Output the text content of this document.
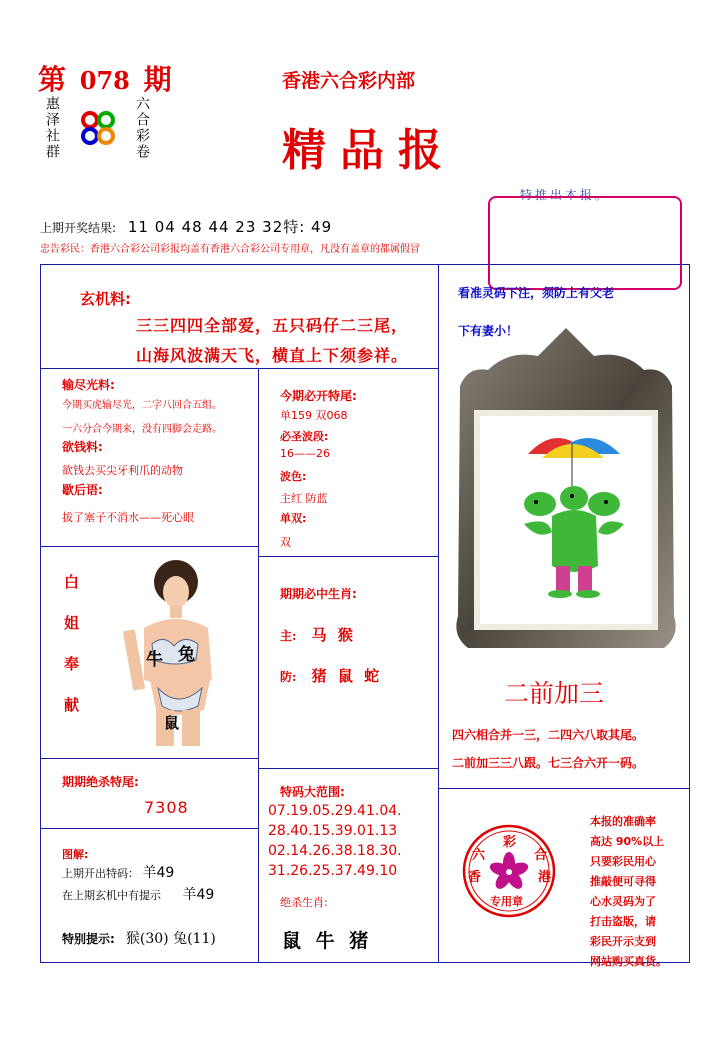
第 078 期
惠泽社群	六合彩卷
香港六合彩内部
精品报
特推出本报。
上期开奖结果: 11 04 48 44 23 32特: 49
忠告彩民：香港六合彩公司彩报均盖有香港六合彩公司专用章，凡没有盖章的都属假冒
玄机料:
三三四四全部爱，五只码仔二三尾，
山海风波满天飞，横直上下须参祥。
看准灵码下注，须防上有父老
下有妻小！
输尽光料:
今期买虎输尽光，二字八回合五组。
一六分合今期来，没有四脚会走路。
欲钱料:
欲钱去买尖牙利爪的动物
歇后语:
拔了塞子不消水——死心眼
今期必开特尾:
单159 双068
必圣波段:
16——26
波色:
主红 防蓝
单双:
双
白
姐
奉
献
牛 兔
鼠
期期必中生肖:
主: 马 猴
防: 猪 鼠 蛇
二前加三
四六相合并一三，二四六八取其尾。
二前加三三八跟。七三合六开一码。
期期绝杀特尾:
7308
特码大范围:
07.19.05.29.41.04.
28.40.15.39.01.13
02.14.26.38.18.30.
31.26.25.37.49.10
绝杀生肖:
鼠 牛 猪
图解:
上期开出特码： 羊49
在上期玄机中有提示 羊49
特别提示: 猴(30) 兔(11)
彩
六	合
香	港
专用章
本报的准确率
高达 90%以上
只要彩民用心
推敲便可寻得
心水灵码为了
打击盗版，请
彩民开示支到
网站购买真货。
